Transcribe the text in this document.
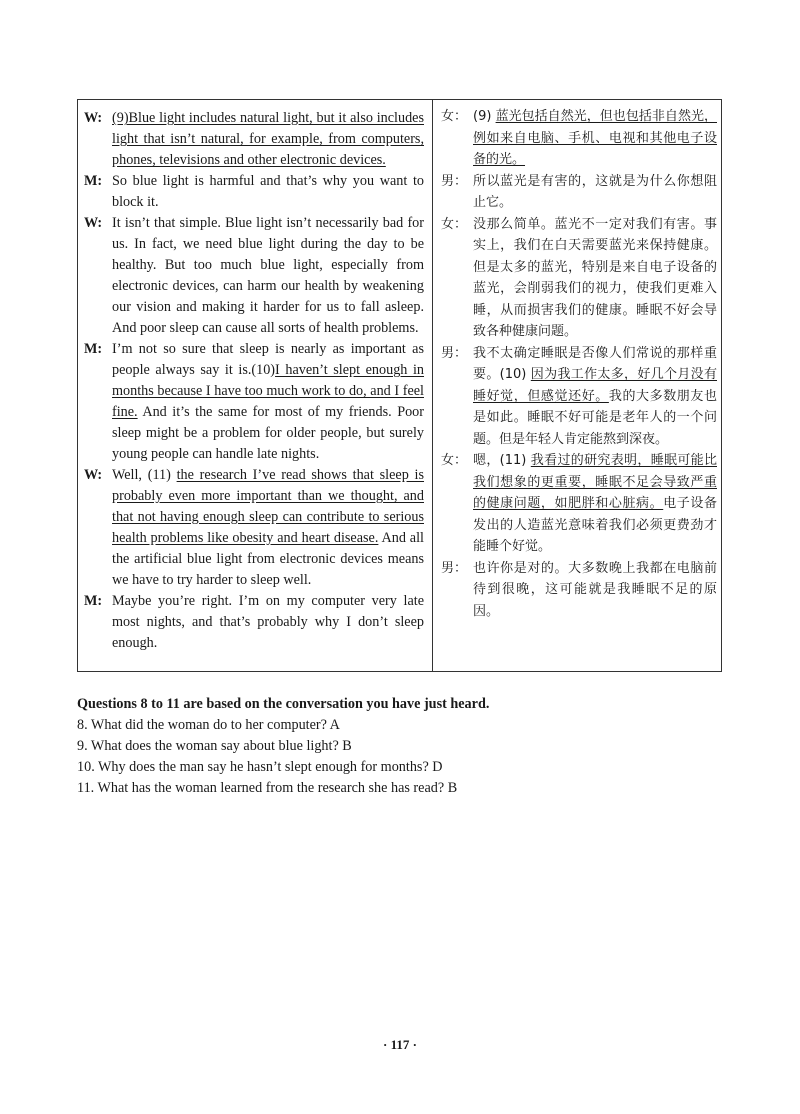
W: (9)Blue light includes natural light, but it also includes light that isn’t natural, for example, from computers, phones, televisions and other electronic devices.
M: So blue light is harmful and that’s why you want to block it.
W: It isn’t that simple. Blue light isn’t necessarily bad for us. In fact, we need blue light during the day to be healthy. But too much blue light, especially from electronic devices, can harm our health by weakening our vision and making it harder for us to fall asleep. And poor sleep can cause all sorts of health problems.
M: I’m not so sure that sleep is nearly as important as people always say it is.(10)I haven’t slept enough in months because I have too much work to do, and I feel fine. And it’s the same for most of my friends. Poor sleep might be a problem for older people, but surely young people can handle late nights.
W: Well, (11) the research I’ve read shows that sleep is probably even more important than we thought, and that not having enough sleep can contribute to serious health problems like obesity and heart disease. And all the artificial blue light from electronic devices means we have to try harder to sleep well.
M: Maybe you’re right. I’m on my computer very late most nights, and that’s probably why I don’t sleep enough.
女： (9) 蓝光包括自然光，但也包括非自然光，例如来自电脑、手机、电视和其他电子设备的光。
男： 所以蓝光是有害的，这就是为什么你想阻止它。
女： 没那么简单。蓝光不一定对我们有害。事实上，我们在白天需要蓝光来保持健康。但是太多的蓝光，特别是来自电子设备的蓝光，会削弱我们的视力，使我们更难入睡，从而损害我们的健康。睡眠不好会导致各种健康问题。
男： 我不太确定睡眠是否像人们常说的那样重要。(10) 因为我工作太多，好几个月没有睡好觉，但感觉还好。我的大多数朋友也是如此。睡眠不好可能是老年人的一个问题。但是年轻人肯定能熬到深夜。
女： 嗯，(11) 我看过的研究表明，睡眠可能比我们想象的更重要，睡眠不足会导致严重的健康问题，如肥胖和心脏病。电子设备发出的人造蓝光意味着我们必须更费劲才能睡个好觉。
男： 也许你是对的。大多数晚上我都在电脑前待到很晚，这可能就是我睡眠不足的原因。
Questions 8 to 11 are based on the conversation you have just heard.
8. What did the woman do to her computer? A
9. What does the woman say about blue light? B
10. Why does the man say he hasn’t slept enough for months? D
11. What has the woman learned from the research she has read? B
· 117 ·
